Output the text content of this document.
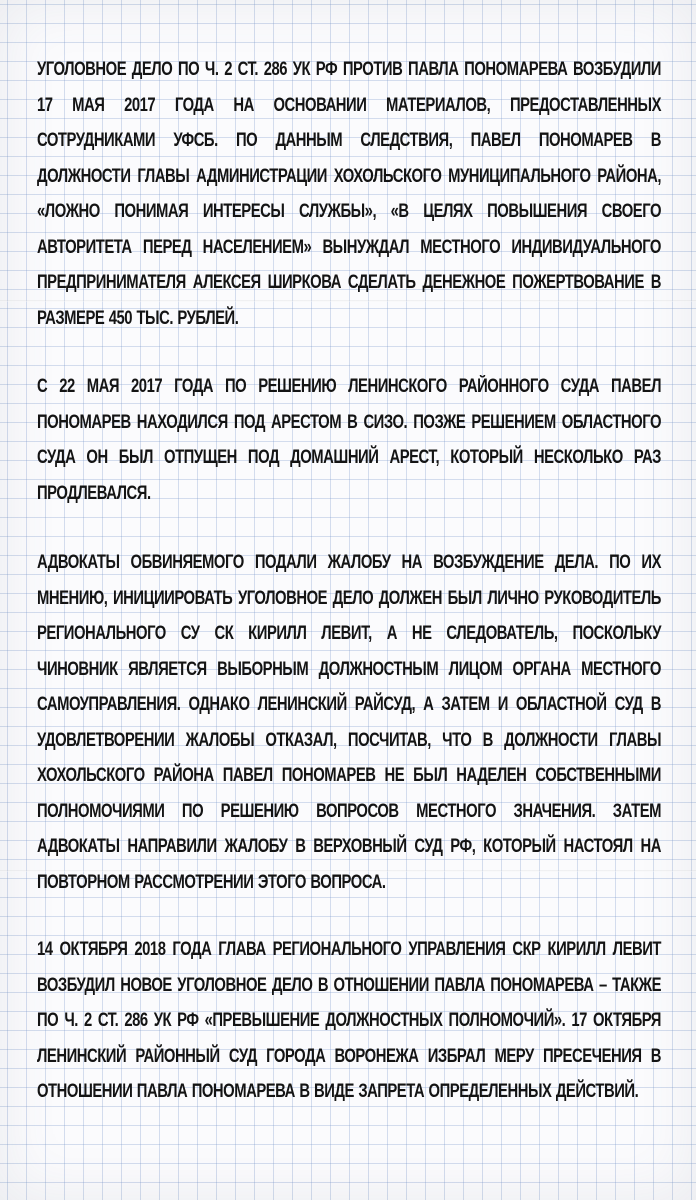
УГОЛОВНОЕ ДЕЛО ПО Ч. 2 СТ. 286 УК РФ ПРОТИВ ПАВЛА ПОНОМАРЕВА ВОЗБУДИЛИ 17 МАЯ 2017 ГОДА НА ОСНОВАНИИ МАТЕРИАЛОВ, ПРЕДОСТАВЛЕННЫХ СОТРУДНИКАМИ УФСБ. ПО ДАННЫМ СЛЕДСТВИЯ, ПАВЕЛ ПОНОМАРЕВ В ДОЛЖНОСТИ ГЛАВЫ АДМИНИСТРАЦИИ ХОХОЛЬСКОГО МУНИЦИПАЛЬНОГО РАЙОНА, «ЛОЖНО ПОНИМАЯ ИНТЕРЕСЫ СЛУЖБЫ», «В ЦЕЛЯХ ПОВЫШЕНИЯ СВОЕГО АВТОРИТЕТА ПЕРЕД НАСЕЛЕНИЕМ» ВЫНУЖДАЛ МЕСТНОГО ИНДИВИДУАЛЬНОГО ПРЕДПРИНИМАТЕЛЯ АЛЕКСЕЯ ШИРКОВА СДЕЛАТЬ ДЕНЕЖНОЕ ПОЖЕРТВОВАНИЕ В РАЗМЕРЕ 450 ТЫС. РУБЛЕЙ.

С 22 МАЯ 2017 ГОДА ПО РЕШЕНИЮ ЛЕНИНСКОГО РАЙОННОГО СУДА ПАВЕЛ ПОНОМАРЕВ НАХОДИЛСЯ ПОД АРЕСТОМ В СИЗО. ПОЗЖЕ РЕШЕНИЕМ ОБЛАСТНОГО СУДА ОН БЫЛ ОТПУЩЕН ПОД ДОМАШНИЙ АРЕСТ, КОТОРЫЙ НЕСКОЛЬКО РАЗ ПРОДЛЕВАЛСЯ.

АДВОКАТЫ ОБВИНЯЕМОГО ПОДАЛИ ЖАЛОБУ НА ВОЗБУЖДЕНИЕ ДЕЛА. ПО ИХ МНЕНИЮ, ИНИЦИИРОВАТЬ УГОЛОВНОЕ ДЕЛО ДОЛЖЕН БЫЛ ЛИЧНО РУКОВОДИТЕЛЬ РЕГИОНАЛЬНОГО СУ СК КИРИЛЛ ЛЕВИТ, А НЕ СЛЕДОВАТЕЛЬ, ПОСКОЛЬКУ ЧИНОВНИК ЯВЛЯЕТСЯ ВЫБОРНЫМ ДОЛЖНОСТНЫМ ЛИЦОМ ОРГАНА МЕСТНОГО САМОУПРАВЛЕНИЯ. ОДНАКО ЛЕНИНСКИЙ РАЙСУД, А ЗАТЕМ И ОБЛАСТНОЙ СУД В УДОВЛЕТВОРЕНИИ ЖАЛОБЫ ОТКАЗАЛ, ПОСЧИТАВ, ЧТО В ДОЛЖНОСТИ ГЛАВЫ ХОХОЛЬСКОГО РАЙОНА ПАВЕЛ ПОНОМАРЕВ НЕ БЫЛ НАДЕЛЕН СОБСТВЕННЫМИ ПОЛНОМОЧИЯМИ ПО РЕШЕНИЮ ВОПРОСОВ МЕСТНОГО ЗНАЧЕНИЯ. ЗАТЕМ АДВОКАТЫ НАПРАВИЛИ ЖАЛОБУ В ВЕРХОВНЫЙ СУД РФ, КОТОРЫЙ НАСТОЯЛ НА ПОВТОРНОМ РАССМОТРЕНИИ ЭТОГО ВОПРОСА.

14 ОКТЯБРЯ 2018 ГОДА ГЛАВА РЕГИОНАЛЬНОГО УПРАВЛЕНИЯ СКР КИРИЛЛ ЛЕВИТ ВОЗБУДИЛ НОВОЕ УГОЛОВНОЕ ДЕЛО В ОТНОШЕНИИ ПАВЛА ПОНОМАРЕВА – ТАКЖЕ ПО Ч. 2 СТ. 286 УК РФ «ПРЕВЫШЕНИЕ ДОЛЖНОСТНЫХ ПОЛНОМОЧИЙ». 17 ОКТЯБРЯ ЛЕНИНСКИЙ РАЙОННЫЙ СУД ГОРОДА ВОРОНЕЖА ИЗБРАЛ МЕРУ ПРЕСЕЧЕНИЯ В ОТНОШЕНИИ ПАВЛА ПОНОМАРЕВА В ВИДЕ ЗАПРЕТА ОПРЕДЕЛЕННЫХ ДЕЙСТВИЙ.
